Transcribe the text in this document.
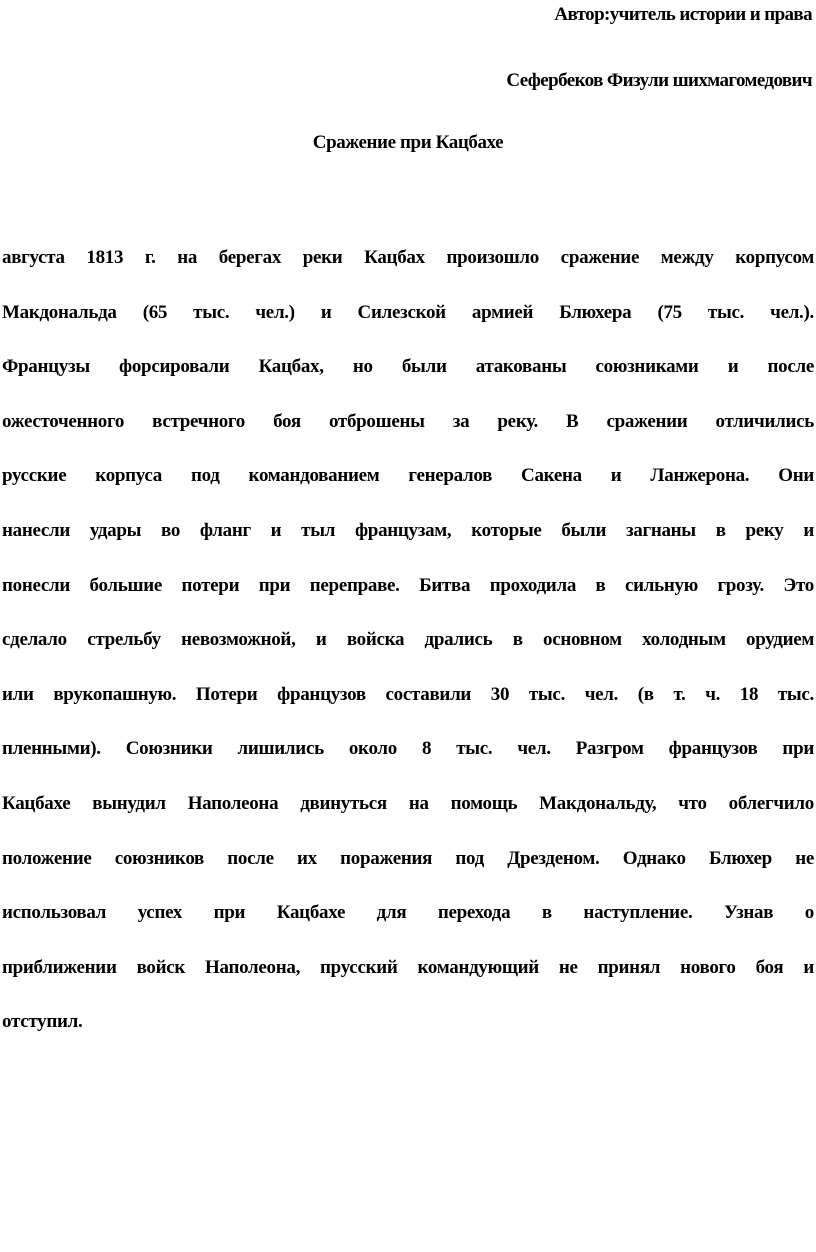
Автор:учитель истории и права

Сефербеков Физули шихмагомедович

Сражение при Кацбахе
августа 1813 г. на берегах реки Кацбах произошло сражение между корпусом
Макдональда (65 тыс. чел.) и Силезской армией Блюхера (75 тыс. чел.).
Французы форсировали Кацбах, но были атакованы союзниками и после
ожесточенного встречного боя отброшены за реку. В сражении отличились
русские корпуса под командованием генералов Сакена и Ланжерона. Они
нанесли удары во фланг и тыл французам, которые были загнаны в реку и
понесли большие потери при переправе. Битва проходила в сильную грозу. Это
сделало стрельбу невозможной, и войска дрались в основном холодным орудием
или врукопашную. Потери французов составили 30 тыс. чел. (в т. ч. 18 тыс.
пленными). Союзники лишились около 8 тыс. чел. Разгром французов при
Кацбахе вынудил Наполеона двинуться на помощь Макдональду, что облегчило
положение союзников после их поражения под Дрезденом. Однако Блюхер не
использовал успех при Кацбахе для перехода в наступление. Узнав о
приближении войск Наполеона, прусский командующий не принял нового боя и
отступил.
